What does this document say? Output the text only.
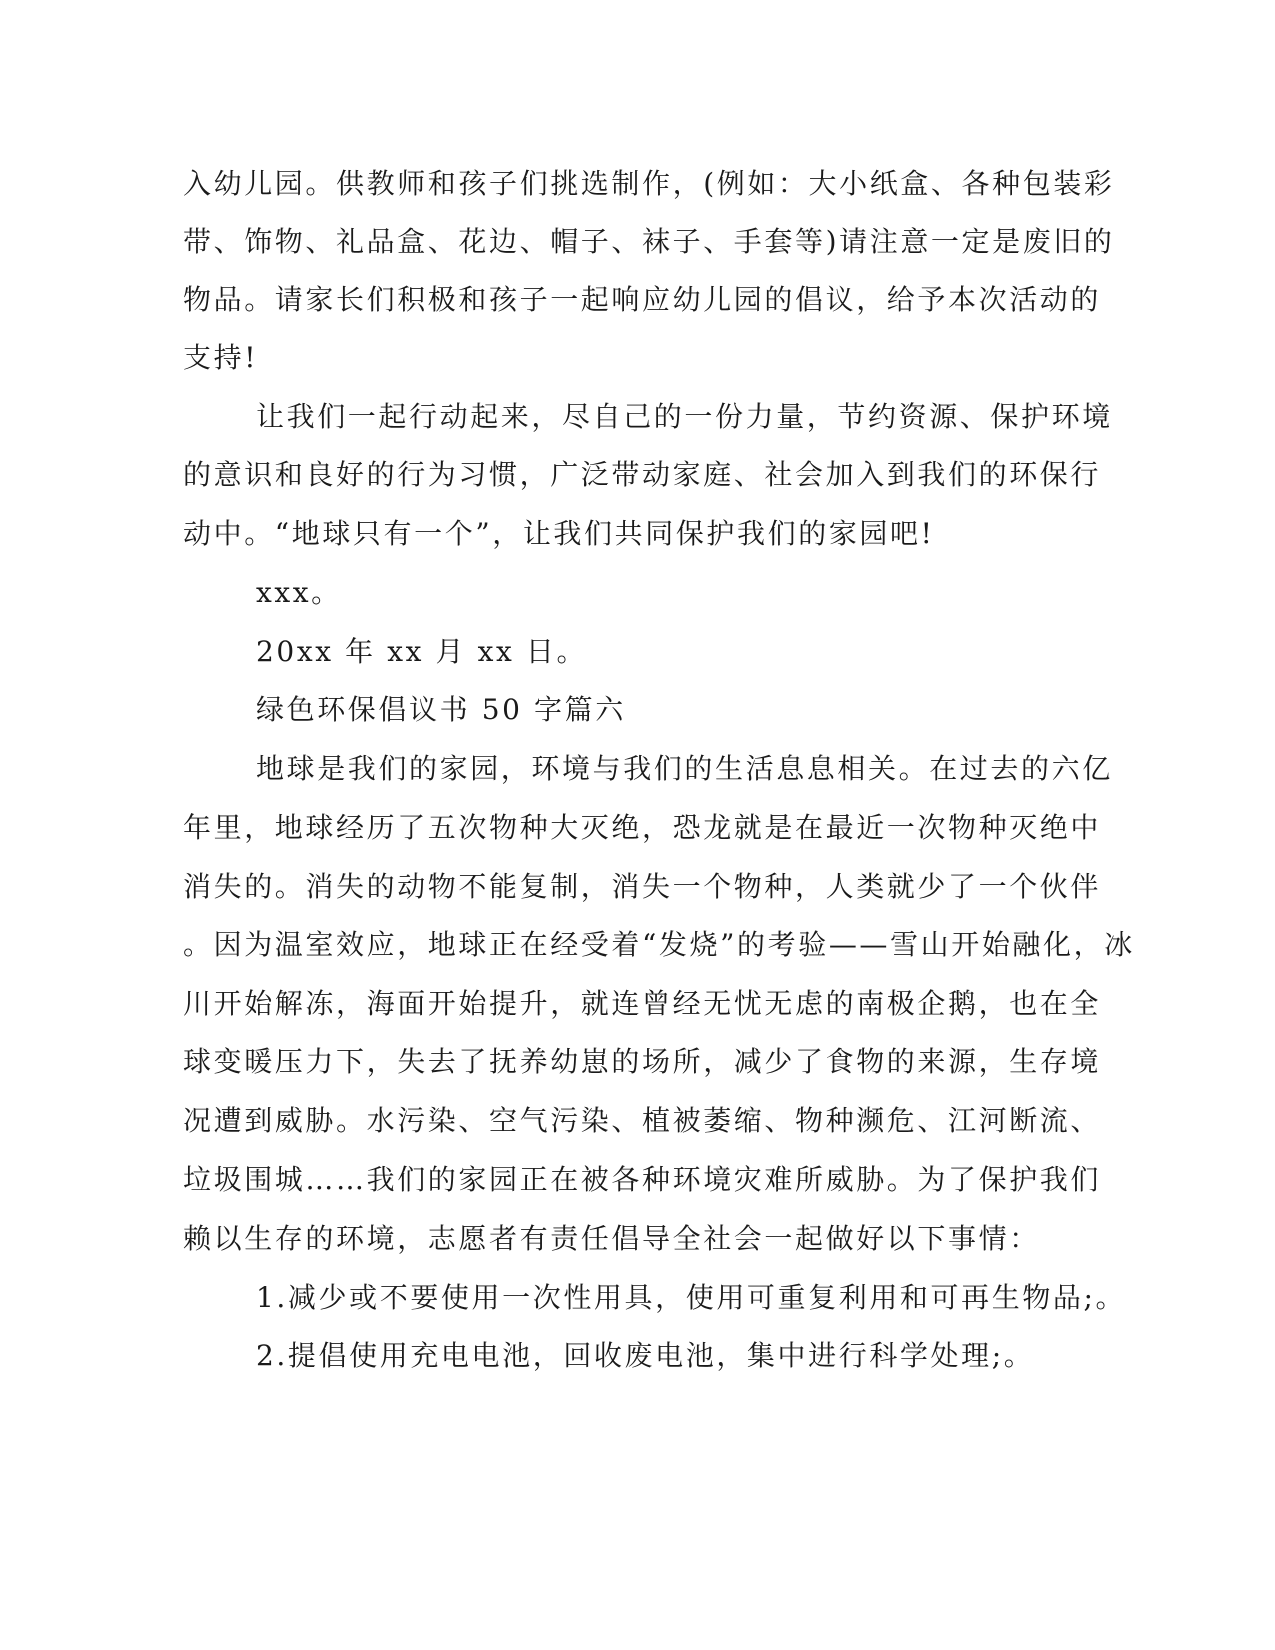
入幼儿园。供教师和孩子们挑选制作，(例如：大小纸盒、各种包装彩
带、饰物、礼品盒、花边、帽子、袜子、手套等)请注意一定是废旧的
物品。请家长们积极和孩子一起响应幼儿园的倡议，给予本次活动的
支持!
让我们一起行动起来，尽自己的一份力量，节约资源、保护环境
的意识和良好的行为习惯，广泛带动家庭、社会加入到我们的环保行
动中。“地球只有一个”，让我们共同保护我们的家园吧!
xxx。
20xx 年 xx 月 xx 日。
绿色环保倡议书 50 字篇六
地球是我们的家园，环境与我们的生活息息相关。在过去的六亿
年里，地球经历了五次物种大灭绝，恐龙就是在最近一次物种灭绝中
消失的。消失的动物不能复制，消失一个物种，人类就少了一个伙伴
。因为温室效应，地球正在经受着“发烧”的考验——雪山开始融化，冰
川开始解冻，海面开始提升，就连曾经无忧无虑的南极企鹅，也在全
球变暖压力下，失去了抚养幼崽的场所，减少了食物的来源，生存境
况遭到威胁。水污染、空气污染、植被萎缩、物种濒危、江河断流、
垃圾围城……我们的家园正在被各种环境灾难所威胁。为了保护我们
赖以生存的环境，志愿者有责任倡导全社会一起做好以下事情：
1.减少或不要使用一次性用具，使用可重复利用和可再生物品;。
2.提倡使用充电电池，回收废电池，集中进行科学处理;。
